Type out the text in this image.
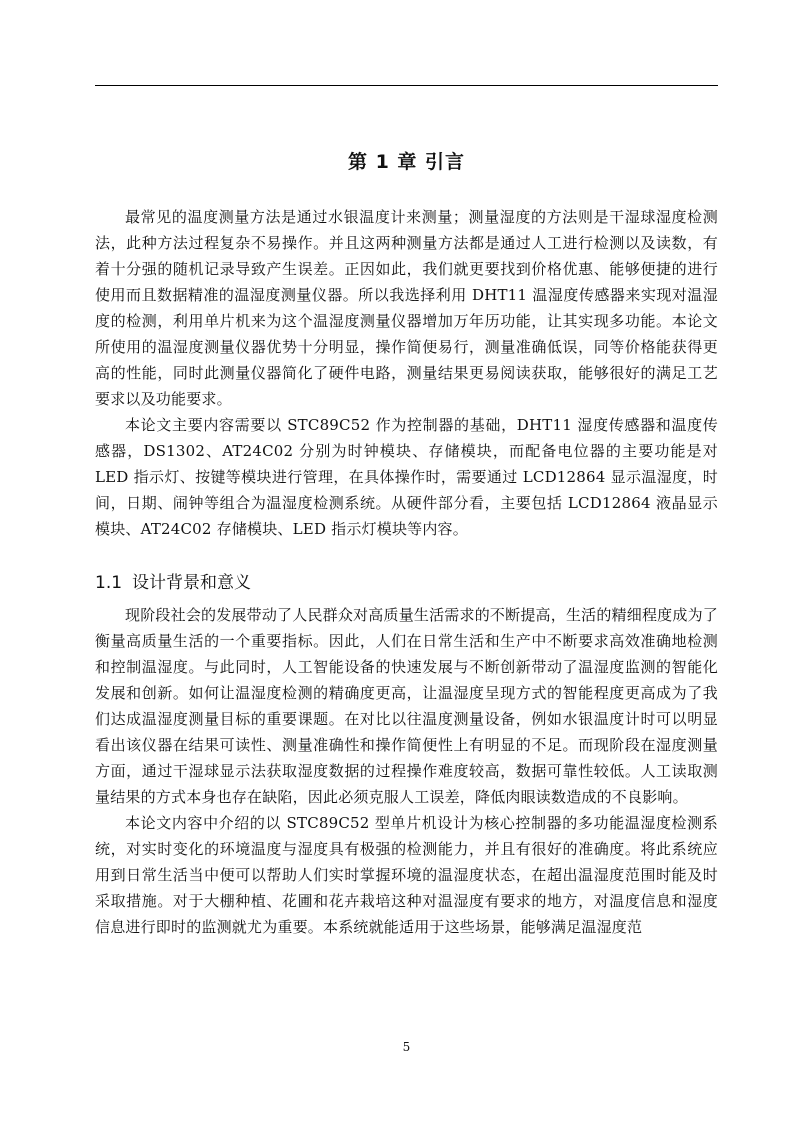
第 1 章 引言

最常见的温度测量方法是通过水银温度计来测量；测量湿度的方法则是干湿球湿度检测法，此种方法过程复杂不易操作。并且这两种测量方法都是通过人工进行检测以及读数，有着十分强的随机记录导致产生误差。正因如此，我们就更要找到价格优惠、能够便捷的进行使用而且数据精准的温湿度测量仪器。所以我选择利用 DHT11 温湿度传感器来实现对温湿度的检测，利用单片机来为这个温湿度测量仪器增加万年历功能，让其实现多功能。本论文所使用的温湿度测量仪器优势十分明显，操作简便易行，测量准确低误，同等价格能获得更高的性能，同时此测量仪器简化了硬件电路，测量结果更易阅读获取，能够很好的满足工艺要求以及功能要求。

本论文主要内容需要以 STC89C52 作为控制器的基础，DHT11 湿度传感器和温度传感器，DS1302、AT24C02 分别为时钟模块、存储模块，而配备电位器的主要功能是对 LED 指示灯、按键等模块进行管理，在具体操作时，需要通过 LCD12864 显示温湿度，时间，日期、闹钟等组合为温湿度检测系统。从硬件部分看，主要包括 LCD12864 液晶显示模块、AT24C02 存储模块、LED 指示灯模块等内容。

1.1 设计背景和意义

现阶段社会的发展带动了人民群众对高质量生活需求的不断提高，生活的精细程度成为了衡量高质量生活的一个重要指标。因此，人们在日常生活和生产中不断要求高效准确地检测和控制温湿度。与此同时，人工智能设备的快速发展与不断创新带动了温湿度监测的智能化发展和创新。如何让温湿度检测的精确度更高，让温湿度呈现方式的智能程度更高成为了我们达成温湿度测量目标的重要课题。在对比以往温度测量设备，例如水银温度计时可以明显看出该仪器在结果可读性、测量准确性和操作简便性上有明显的不足。而现阶段在湿度测量方面，通过干湿球显示法获取湿度数据的过程操作难度较高，数据可靠性较低。人工读取测量结果的方式本身也存在缺陷，因此必须克服人工误差，降低肉眼读数造成的不良影响。

本论文内容中介绍的以 STC89C52 型单片机设计为核心控制器的多功能温湿度检测系统，对实时变化的环境温度与湿度具有极强的检测能力，并且有很好的准确度。将此系统应用到日常生活当中便可以帮助人们实时掌握环境的温湿度状态，在超出温湿度范围时能及时采取措施。对于大棚种植、花圃和花卉栽培这种对温湿度有要求的地方，对温度信息和湿度信息进行即时的监测就尤为重要。本系统就能适用于这些场景，能够满足温湿度范

5
